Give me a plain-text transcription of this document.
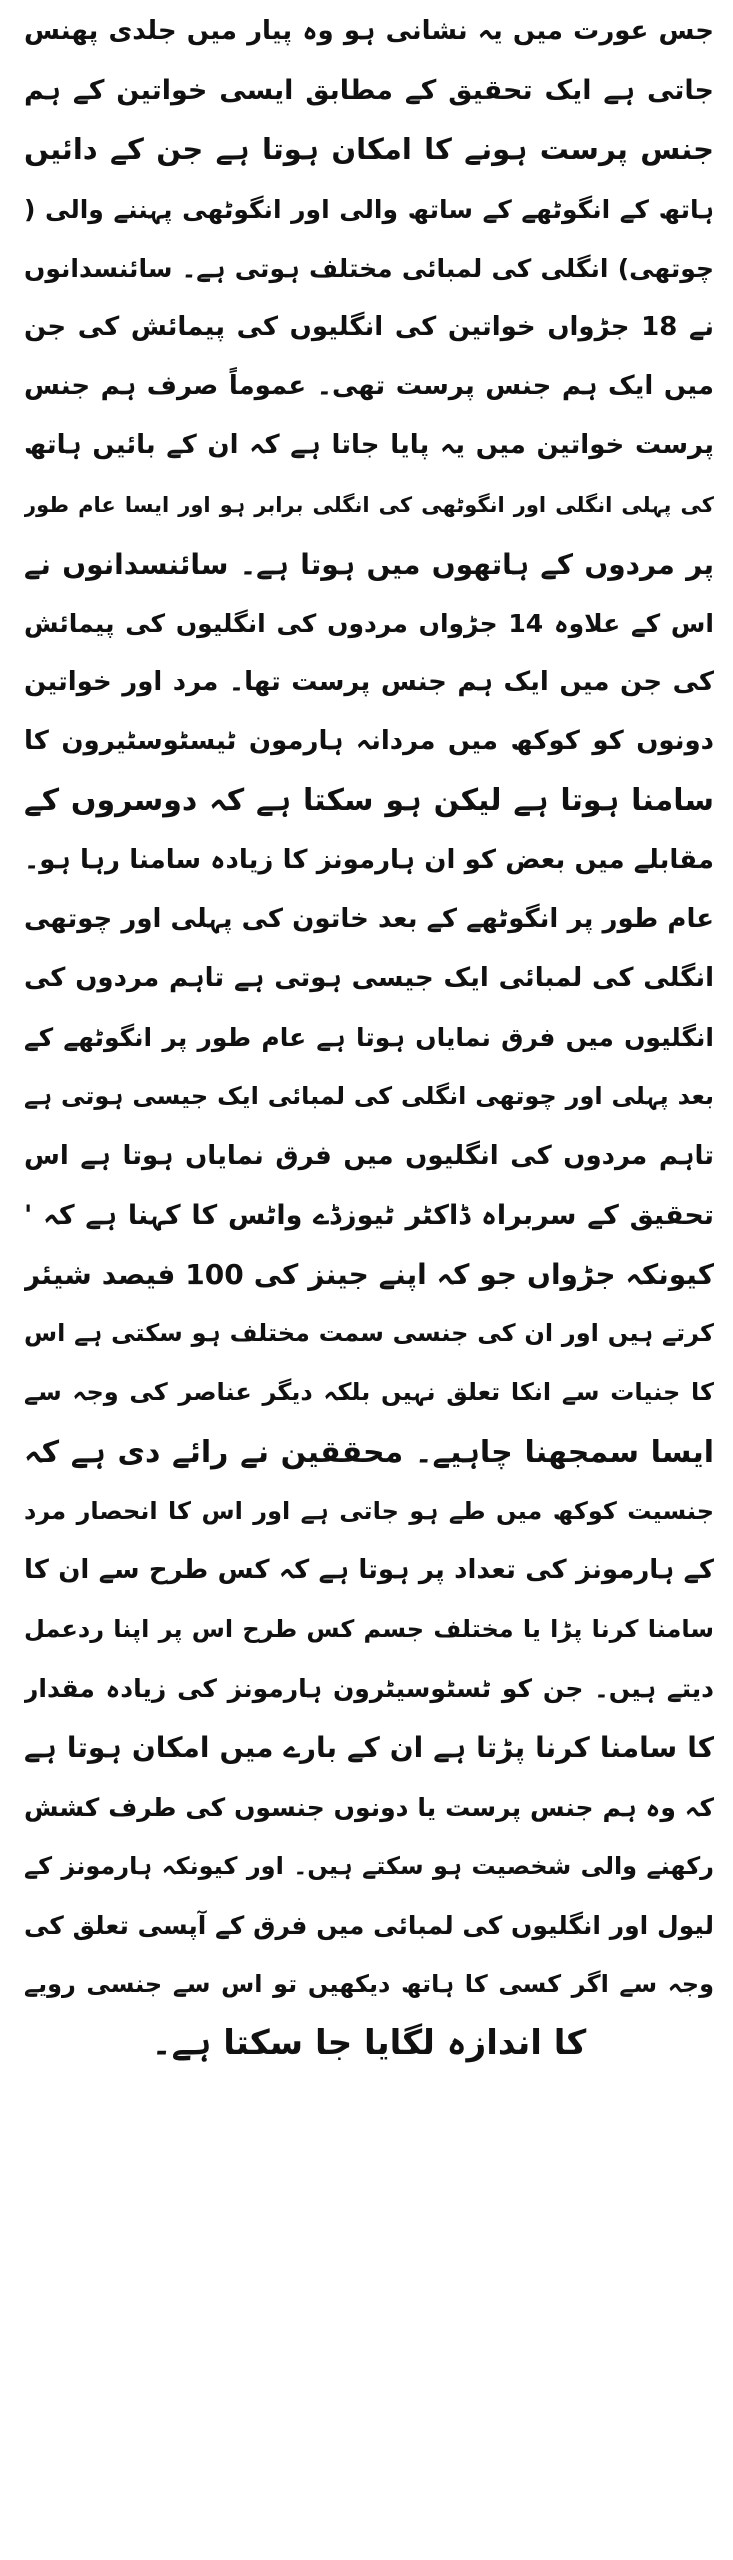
جس عورت میں یہ نشانی ہو وہ پیار میں جلدی پھنس
جاتی ہے ایک تحقیق کے مطابق ایسی خواتین کے ہم
جنس پرست ہونے کا امکان ہوتا ہے جن کے دائیں
ہاتھ کے انگوٹھے کے ساتھ والی اور انگوٹھی پہننے والی (
چوتھی) انگلی کی لمبائی مختلف ہوتی ہے۔ سائنسدانوں
نے 18 جڑواں خواتین کی انگلیوں کی پیمائش کی جن
میں ایک ہم جنس پرست تھی۔ عموماً صرف ہم جنس
پرست خواتین میں یہ پایا جاتا ہے کہ ان کے بائیں ہاتھ
کی پہلی انگلی اور انگوٹھی کی انگلی برابر ہو اور ایسا عام طور
پر مردوں کے ہاتھوں میں ہوتا ہے۔ سائنسدانوں نے
اس کے علاوہ 14 جڑواں مردوں کی انگلیوں کی پیمائش
کی جن میں ایک ہم جنس پرست تھا۔ مرد اور خواتین
دونوں کو کوکھ میں مردانہ ہارمون ٹیسٹوسٹیرون کا
سامنا ہوتا ہے لیکن ہو سکتا ہے کہ دوسروں کے
مقابلے میں بعض کو ان ہارمونز کا زیادہ سامنا رہا ہو۔
عام طور پر انگوٹھے کے بعد خاتون کی پہلی اور چوتھی
انگلی کی لمبائی ایک جیسی ہوتی ہے تاہم مردوں کی
انگلیوں میں فرق نمایاں ہوتا ہے عام طور پر انگوٹھے کے
بعد پہلی اور چوتھی انگلی کی لمبائی ایک جیسی ہوتی ہے
تاہم مردوں کی انگلیوں میں فرق نمایاں ہوتا ہے اس
تحقیق کے سربراہ ڈاکٹر ٹیوزڈے واٹس کا کہنا ہے کہ '
کیونکہ جڑواں جو کہ اپنے جینز کی 100 فیصد شیئر
کرتے ہیں اور ان کی جنسی سمت مختلف ہو سکتی ہے اس
کا جنیات سے انکا تعلق نہیں بلکہ دیگر عناصر کی وجہ سے
ایسا سمجھنا چاہیے۔ محققین نے رائے دی ہے کہ
جنسیت کوکھ میں طے ہو جاتی ہے اور اس کا انحصار مرد
کے ہارمونز کی تعداد پر ہوتا ہے کہ کس طرح سے ان کا
سامنا کرنا پڑا یا مختلف جسم کس طرح اس پر اپنا ردعمل
دیتے ہیں۔ جن کو ٹسٹوسیٹرون ہارمونز کی زیادہ مقدار
کا سامنا کرنا پڑتا ہے ان کے بارے میں امکان ہوتا ہے
کہ وہ ہم جنس پرست یا دونوں جنسوں کی طرف کشش
رکھنے والی شخصیت ہو سکتے ہیں۔ اور کیونکہ ہارمونز کے
لیول اور انگلیوں کی لمبائی میں فرق کے آپسی تعلق کی
وجہ سے اگر کسی کا ہاتھ دیکھیں تو اس سے جنسی رویے
کا اندازہ لگایا جا سکتا ہے۔
